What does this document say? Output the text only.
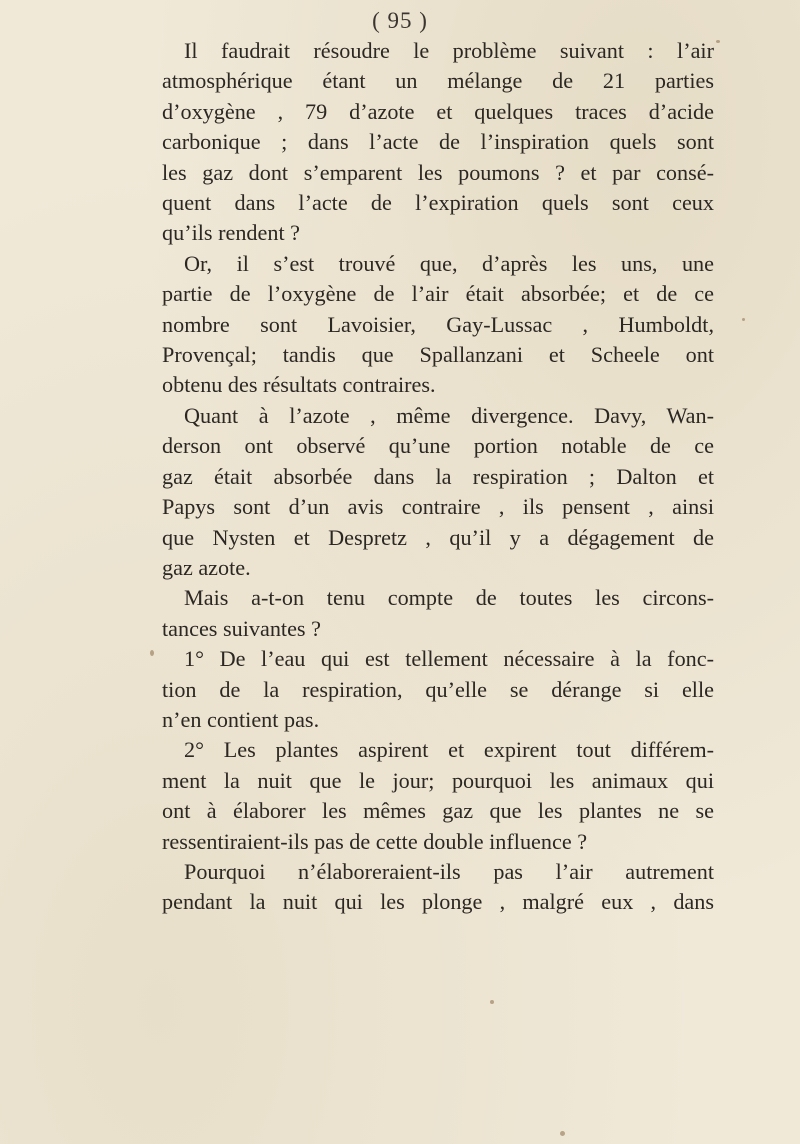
( 95 )
Il faudrait résoudre le problème suivant : l’air
atmosphérique étant un mélange de 21 parties
d’oxygène , 79 d’azote et quelques traces d’acide
carbonique ; dans l’acte de l’inspiration quels sont
les gaz dont s’emparent les poumons ? et par consé-
quent dans l’acte de l’expiration quels sont ceux
qu’ils rendent ?
Or, il s’est trouvé que, d’après les uns, une
partie de l’oxygène de l’air était absorbée; et de ce
nombre sont Lavoisier, Gay-Lussac , Humboldt,
Provençal; tandis que Spallanzani et Scheele ont
obtenu des résultats contraires.
Quant à l’azote , même divergence. Davy, Wan-
derson ont observé qu’une portion notable de ce
gaz était absorbée dans la respiration ; Dalton et
Papys sont d’un avis contraire , ils pensent , ainsi
que Nysten et Despretz , qu’il y a dégagement de
gaz azote.
Mais a-t-on tenu compte de toutes les circons-
tances suivantes ?
1° De l’eau qui est tellement nécessaire à la fonc-
tion de la respiration, qu’elle se dérange si elle
n’en contient pas.
2° Les plantes aspirent et expirent tout différem-
ment la nuit que le jour; pourquoi les animaux qui
ont à élaborer les mêmes gaz que les plantes ne se
ressentiraient-ils pas de cette double influence ?
Pourquoi n’élaboreraient-ils pas l’air autrement
pendant la nuit qui les plonge , malgré eux , dans
